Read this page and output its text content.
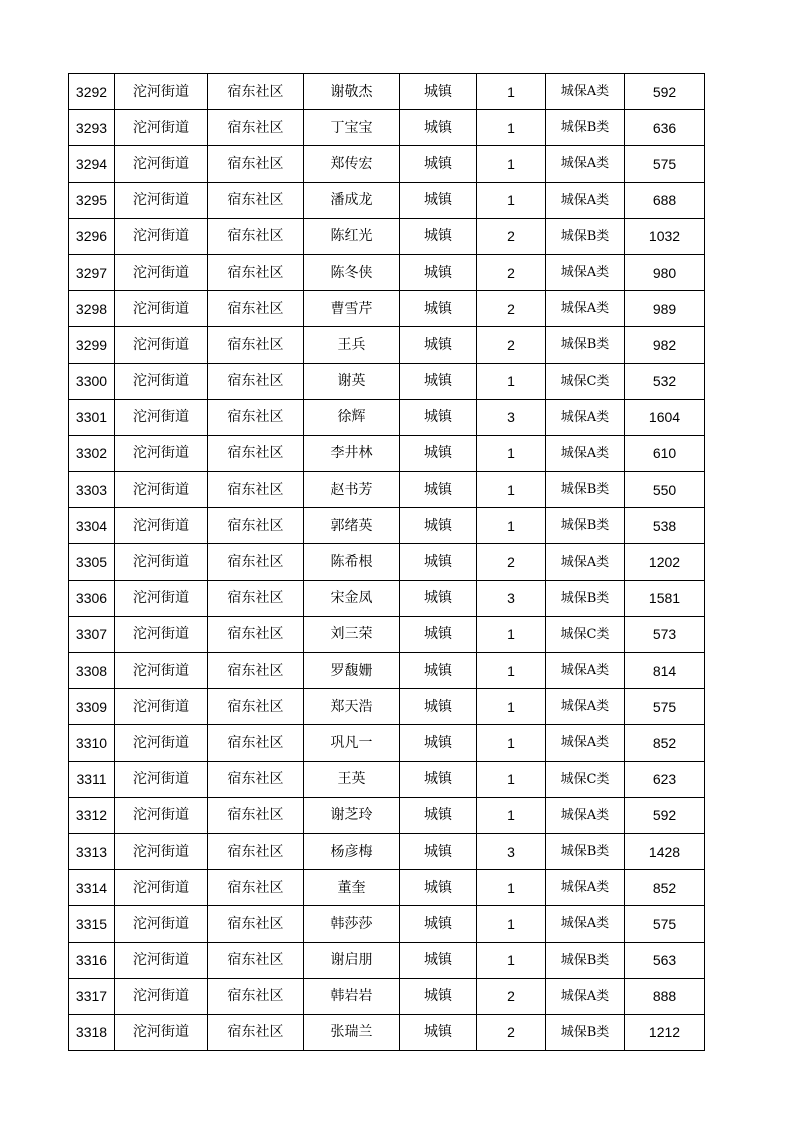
3292	沱河街道	宿东社区	谢敬杰	城镇	1	城保A类	592
3293	沱河街道	宿东社区	丁宝宝	城镇	1	城保B类	636
3294	沱河街道	宿东社区	郑传宏	城镇	1	城保A类	575
3295	沱河街道	宿东社区	潘成龙	城镇	1	城保A类	688
3296	沱河街道	宿东社区	陈红光	城镇	2	城保B类	1032
3297	沱河街道	宿东社区	陈冬侠	城镇	2	城保A类	980
3298	沱河街道	宿东社区	曹雪芹	城镇	2	城保A类	989
3299	沱河街道	宿东社区	王兵	城镇	2	城保B类	982
3300	沱河街道	宿东社区	谢英	城镇	1	城保C类	532
3301	沱河街道	宿东社区	徐辉	城镇	3	城保A类	1604
3302	沱河街道	宿东社区	李井林	城镇	1	城保A类	610
3303	沱河街道	宿东社区	赵书芳	城镇	1	城保B类	550
3304	沱河街道	宿东社区	郭绪英	城镇	1	城保B类	538
3305	沱河街道	宿东社区	陈希根	城镇	2	城保A类	1202
3306	沱河街道	宿东社区	宋金凤	城镇	3	城保B类	1581
3307	沱河街道	宿东社区	刘三荣	城镇	1	城保C类	573
3308	沱河街道	宿东社区	罗馥姗	城镇	1	城保A类	814
3309	沱河街道	宿东社区	郑天浩	城镇	1	城保A类	575
3310	沱河街道	宿东社区	巩凡一	城镇	1	城保A类	852
3311	沱河街道	宿东社区	王英	城镇	1	城保C类	623
3312	沱河街道	宿东社区	谢芝玲	城镇	1	城保A类	592
3313	沱河街道	宿东社区	杨彦梅	城镇	3	城保B类	1428
3314	沱河街道	宿东社区	董奎	城镇	1	城保A类	852
3315	沱河街道	宿东社区	韩莎莎	城镇	1	城保A类	575
3316	沱河街道	宿东社区	谢启朋	城镇	1	城保B类	563
3317	沱河街道	宿东社区	韩岩岩	城镇	2	城保A类	888
3318	沱河街道	宿东社区	张瑞兰	城镇	2	城保B类	1212
